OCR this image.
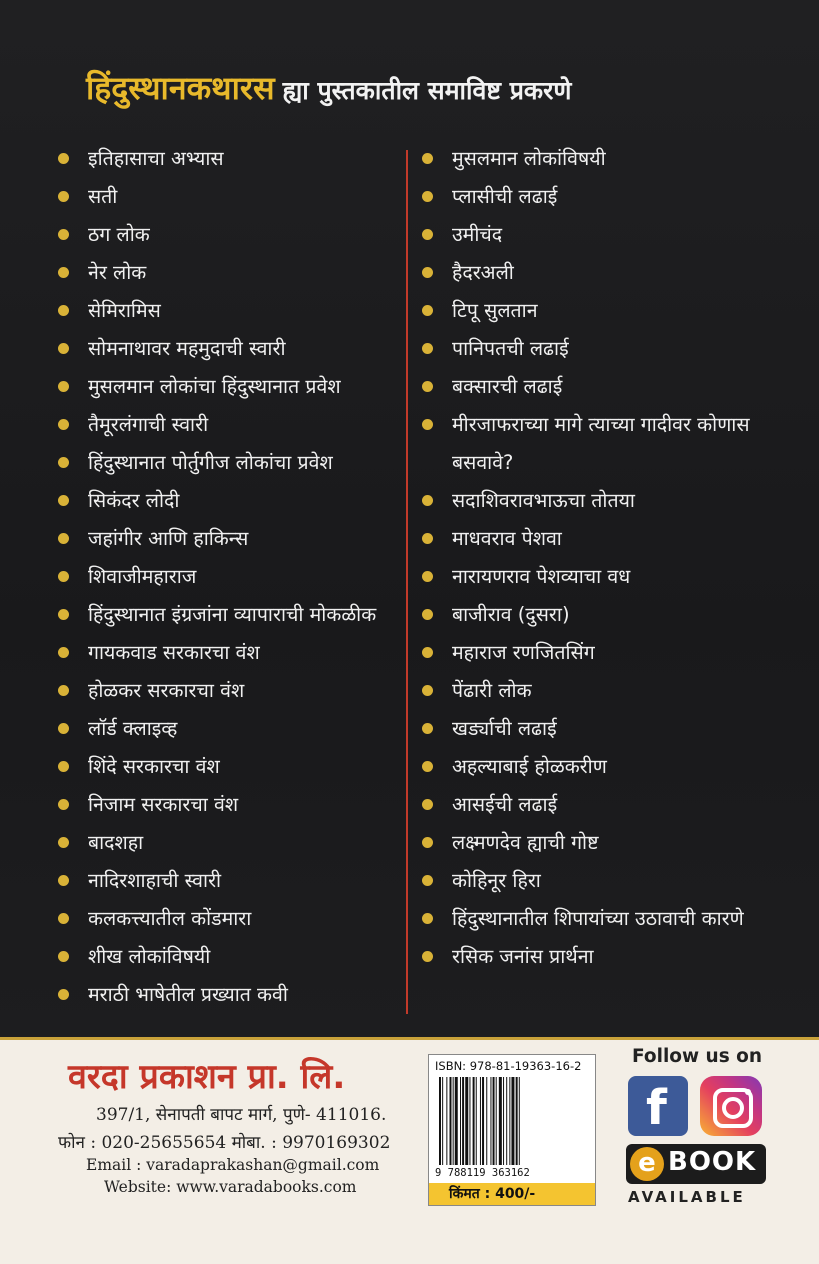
हिंदुस्थानकथारस ह्या पुस्तकातील समाविष्ट प्रकरणे
इतिहासाचा अभ्यास
सती
ठग लोक
नेर लोक
सेमिरामिस
सोमनाथावर महमुदाची स्वारी
मुसलमान लोकांचा हिंदुस्थानात प्रवेश
तैमूरलंगाची स्वारी
हिंदुस्थानात पोर्तुगीज लोकांचा प्रवेश
सिकंदर लोदी
जहांगीर आणि हाकिन्स
शिवाजीमहाराज
हिंदुस्थानात इंग्रजांना व्यापाराची मोकळीक
गायकवाड सरकारचा वंश
होळकर सरकारचा वंश
लॉर्ड क्लाइव्ह
शिंदे सरकारचा वंश
निजाम सरकारचा वंश
बादशहा
नादिरशाहाची स्वारी
कलकत्त्यातील कोंडमारा
शीख लोकांविषयी
मराठी भाषेतील प्रख्यात कवी
मुसलमान लोकांविषयी
प्लासीची लढाई
उमीचंद
हैदरअली
टिपू सुलतान
पानिपतची लढाई
बक्सारची लढाई
मीरजाफराच्या मागे त्याच्या गादीवर कोणास बसवावे?
सदाशिवरावभाऊचा तोतया
माधवराव पेशवा
नारायणराव पेशव्याचा वध
बाजीराव (दुसरा)
महाराज रणजितसिंग
पेंढारी लोक
खर्ड्याची लढाई
अहल्याबाई होळकरीण
आसईची लढाई
लक्ष्मणदेव ह्याची गोष्ट
कोहिनूर हिरा
हिंदुस्थानातील शिपायांच्या उठावाची कारणे
रसिक जनांस प्रार्थना
वरदा प्रकाशन प्रा. लि.
397/1, सेनापती बापट मार्ग, पुणे- 411016.
फोन : 020-25655654 मोबा. : 9970169302
Email : varadaprakashan@gmail.com
Website: www.varadabooks.com
ISBN: 978-81-19363-16-2
9 788119 363162
किंमत : 400/-
Follow us on
f
e BOOK
AVAILABLE
